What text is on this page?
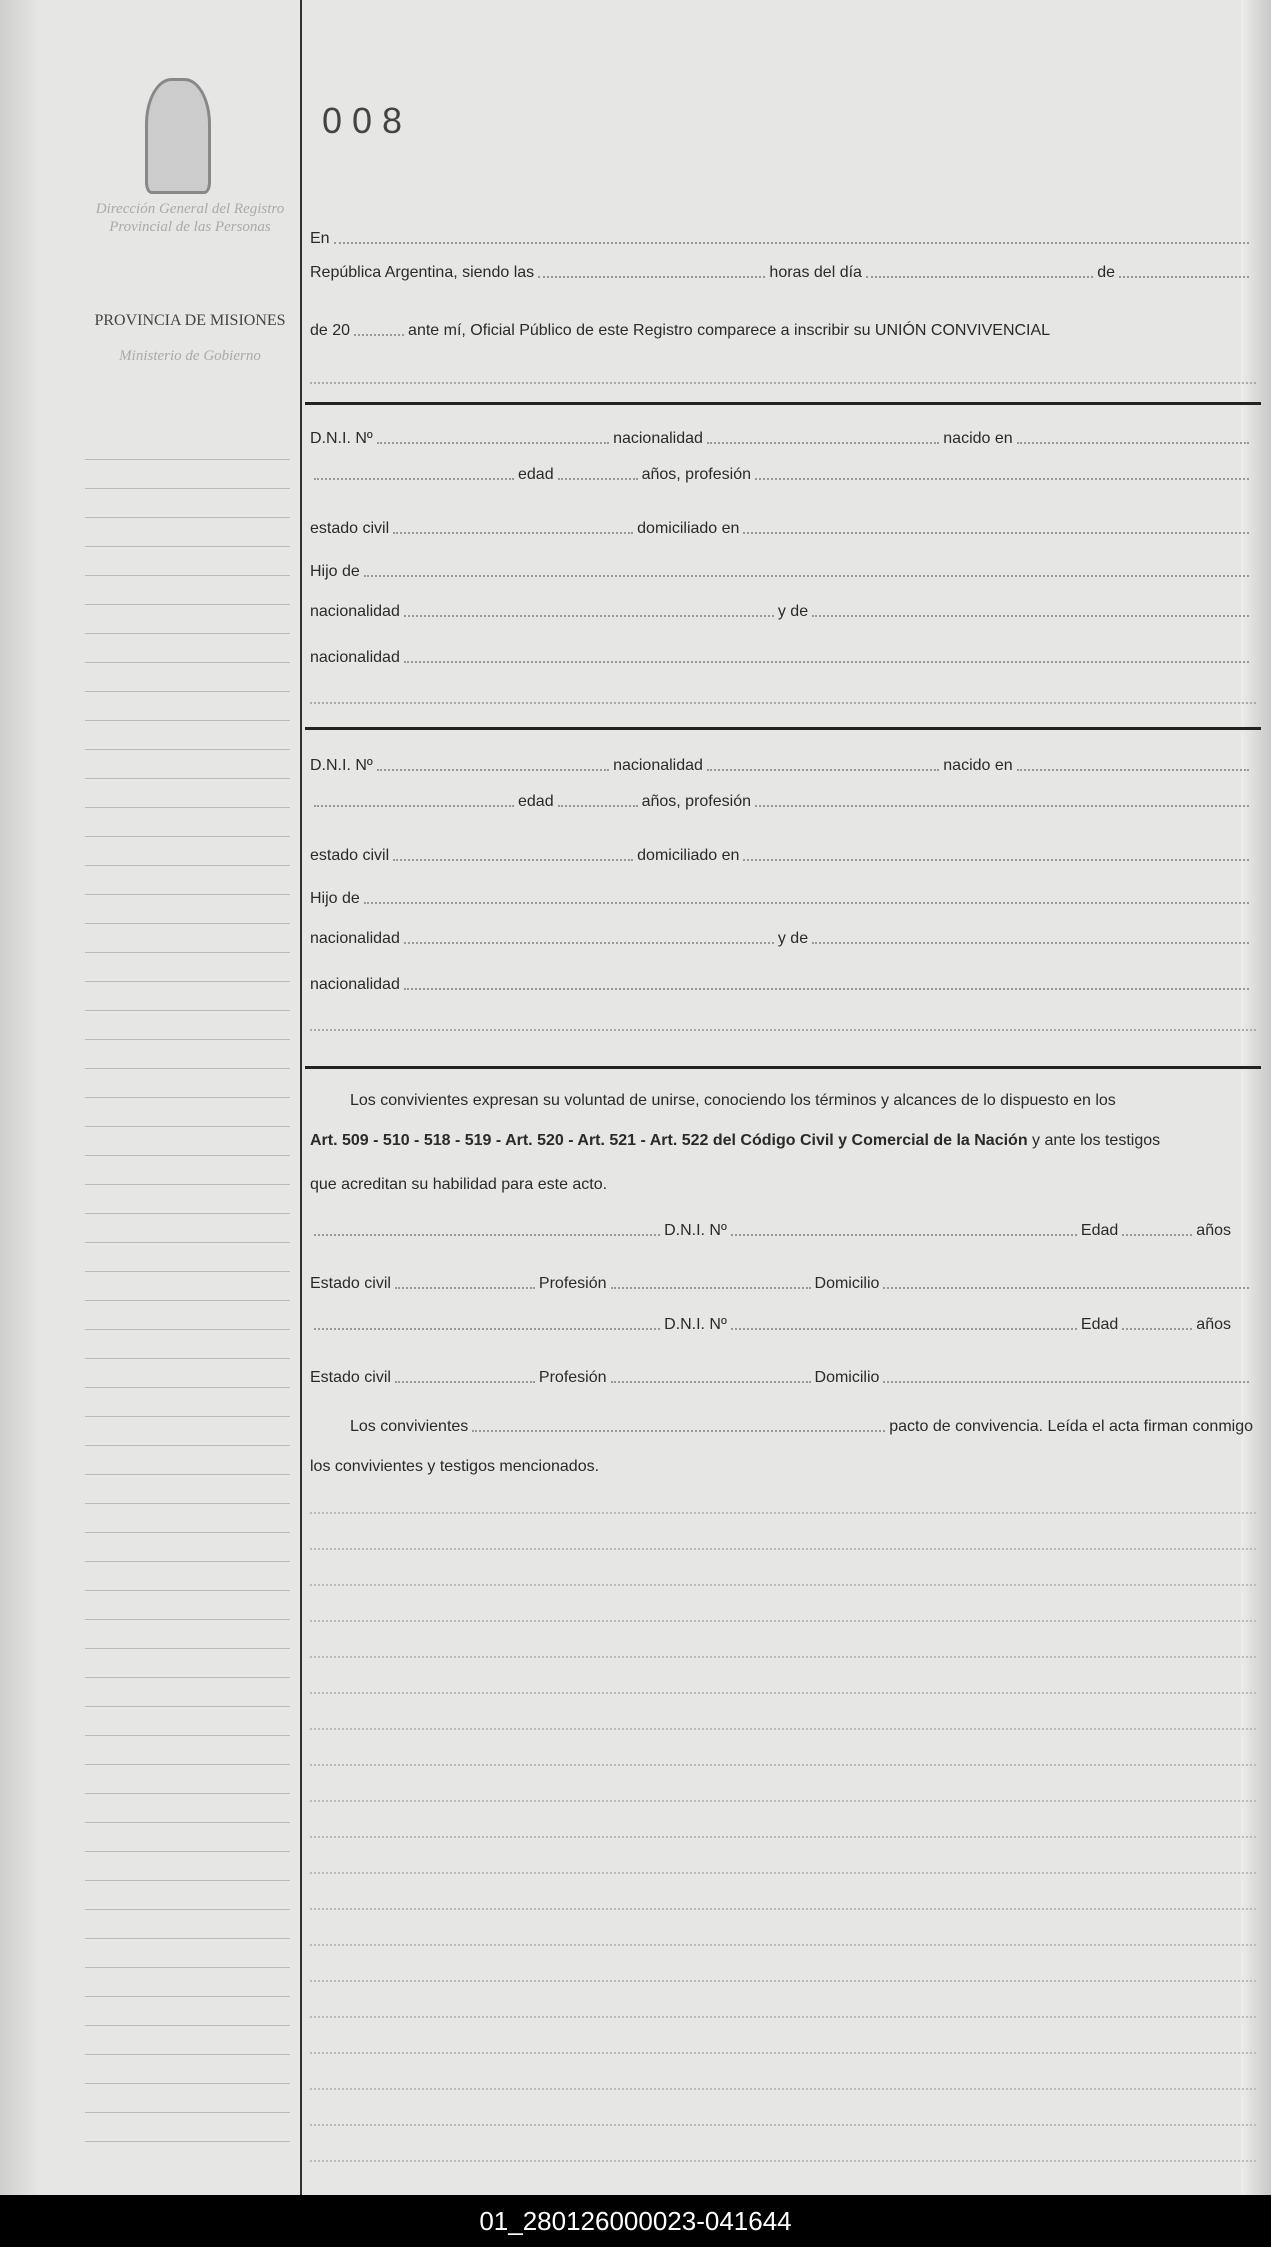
Dirección General del Registro Provincial de las Personas
PROVINCIA DE MISIONES
Ministerio de Gobierno
008
En
República Argentina, siendo las	horas del día	de
de 20	ante mí, Oficial Público de este Registro comparece a inscribir su
UNIÓN CONVIVENCIAL
Los convivientes expresan su voluntad de unirse, conociendo los términos y alcances de lo dispuesto en los
Art. 509 - 510 - 518 - 519 - Art. 520 - Art. 521 - Art. 522 del Código Civil y Comercial de la Nación y ante los testigos
que acreditan su habilidad para este acto.
Los convivientes	pacto de convivencia. Leída el acta firman conmigo
los convivientes y testigos mencionados.
01_280126000023-041644
D.N.I. Nº	nacionalidad	nacido en
edad	años, profesión
estado civil	domiciliado en
Hijo de
nacionalidad	y de
nacionalidad
D.N.I. Nº	nacionalidad	nacido en
edad	años, profesión
estado civil	domiciliado en
Hijo de
nacionalidad	y de
nacionalidad
D.N.I. Nº	Edad	años
Estado civil	Profesión	Domicilio
D.N.I. Nº	Edad	años
Estado civil	Profesión	Domicilio
